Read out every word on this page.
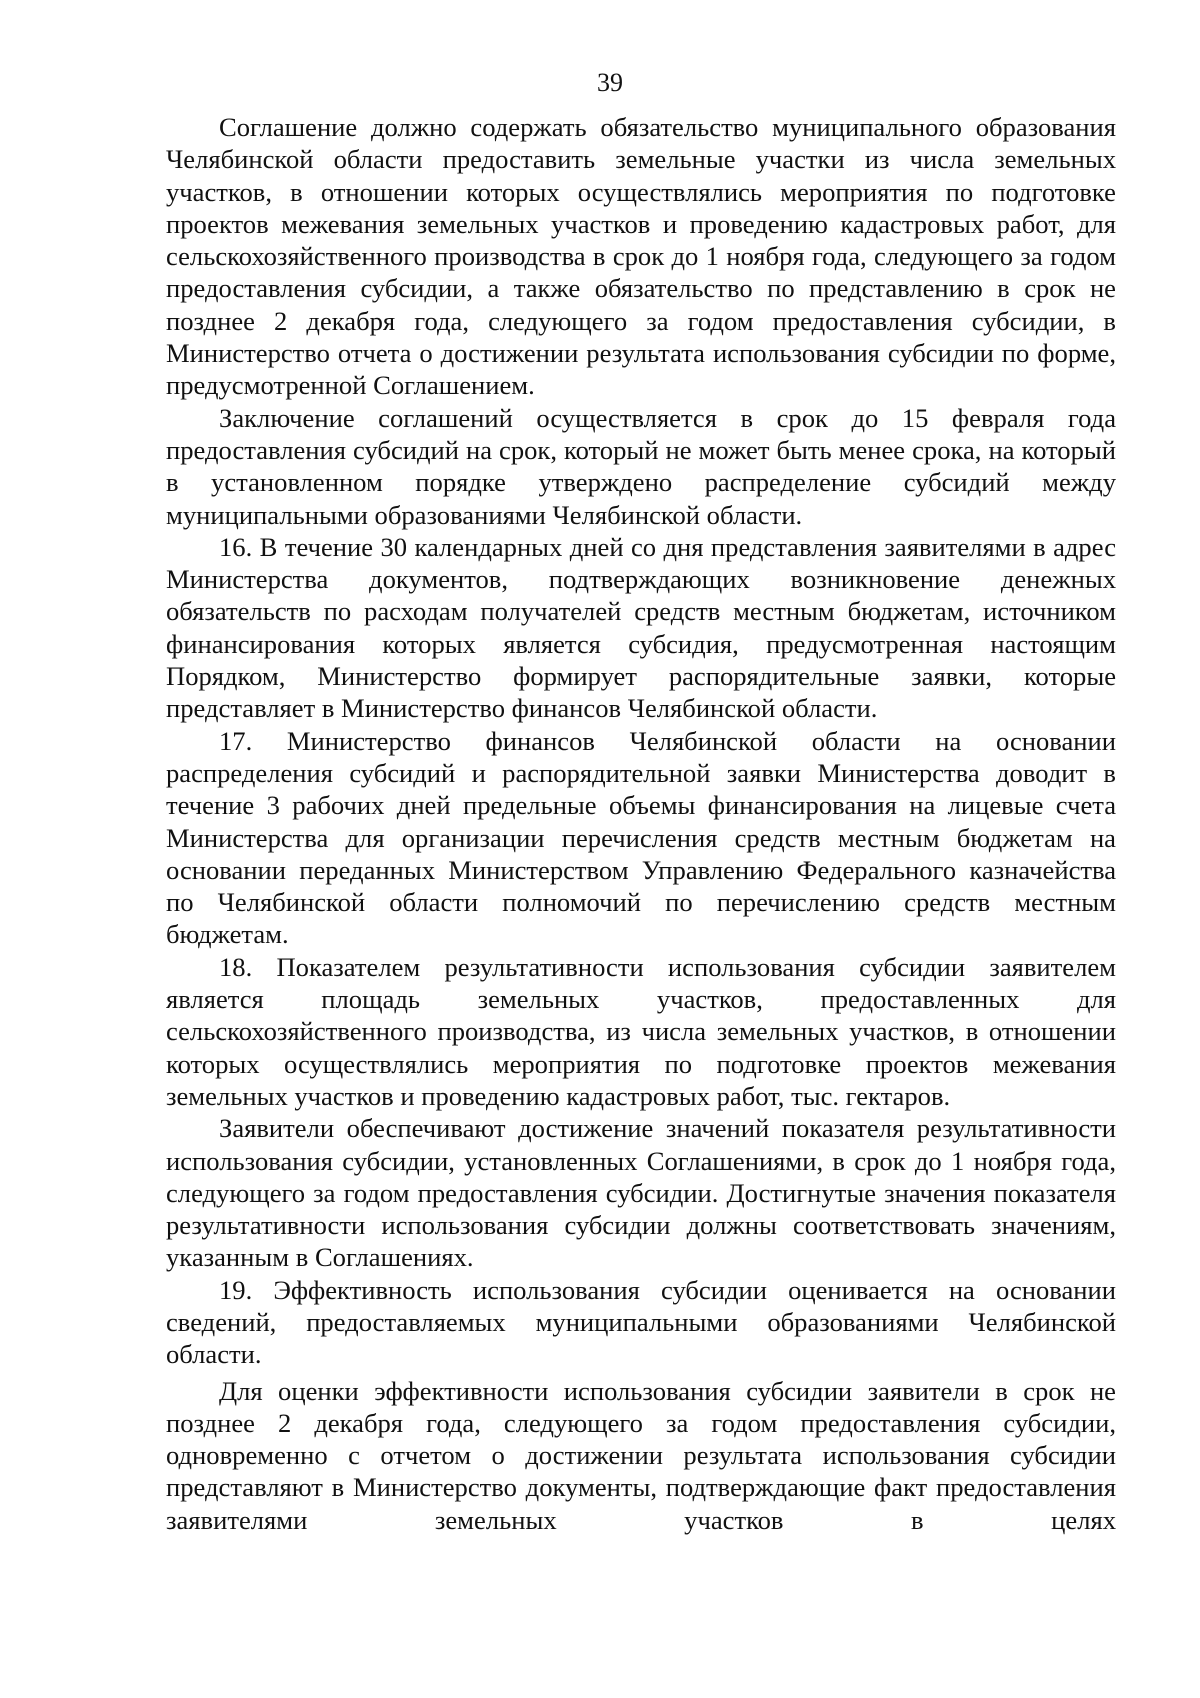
39

Соглашение должно содержать обязательство муниципального образования Челябинской области предоставить земельные участки из числа земельных участков, в отношении которых осуществлялись мероприятия по подготовке проектов межевания земельных участков и проведению кадастровых работ, для сельскохозяйственного производства в срок до 1 ноября года, следующего за годом предоставления субсидии, а также обязательство по представлению в срок не позднее 2 декабря года, следующего за годом предоставления субсидии, в Министерство отчета о достижении результата использования субсидии по форме, предусмотренной Соглашением.

Заключение соглашений осуществляется в срок до 15 февраля года предоставления субсидий на срок, который не может быть менее срока, на который в установленном порядке утверждено распределение субсидий между муниципальными образованиями Челябинской области.

16. В течение 30 календарных дней со дня представления заявителями в адрес Министерства документов, подтверждающих возникновение денежных обязательств по расходам получателей средств местным бюджетам, источником финансирования которых является субсидия, предусмотренная настоящим Порядком, Министерство формирует распорядительные заявки, которые представляет в Министерство финансов Челябинской области.

17. Министерство финансов Челябинской области на основании распределения субсидий и распорядительной заявки Министерства доводит в течение 3 рабочих дней предельные объемы финансирования на лицевые счета Министерства для организации перечисления средств местным бюджетам на основании переданных Министерством Управлению Федерального казначейства по Челябинской области полномочий по перечислению средств местным бюджетам.

18. Показателем результативности использования субсидии заявителем является площадь земельных участков, предоставленных для сельскохозяйственного производства, из числа земельных участков, в отношении которых осуществлялись мероприятия по подготовке проектов межевания земельных участков и проведению кадастровых работ, тыс. гектаров.

Заявители обеспечивают достижение значений показателя результативности использования субсидии, установленных Соглашениями, в срок до 1 ноября года, следующего за годом предоставления субсидии. Достигнутые значения показателя результативности использования субсидии должны соответствовать значениям, указанным в Соглашениях.

19. Эффективность использования субсидии оценивается на основании сведений, предоставляемых муниципальными образованиями Челябинской области.

Для оценки эффективности использования субсидии заявители в срок не позднее 2 декабря года, следующего за годом предоставления субсидии, одновременно с отчетом о достижении результата использования субсидии представляют в Министерство документы, подтверждающие факт предоставления заявителями земельных участков в целях
